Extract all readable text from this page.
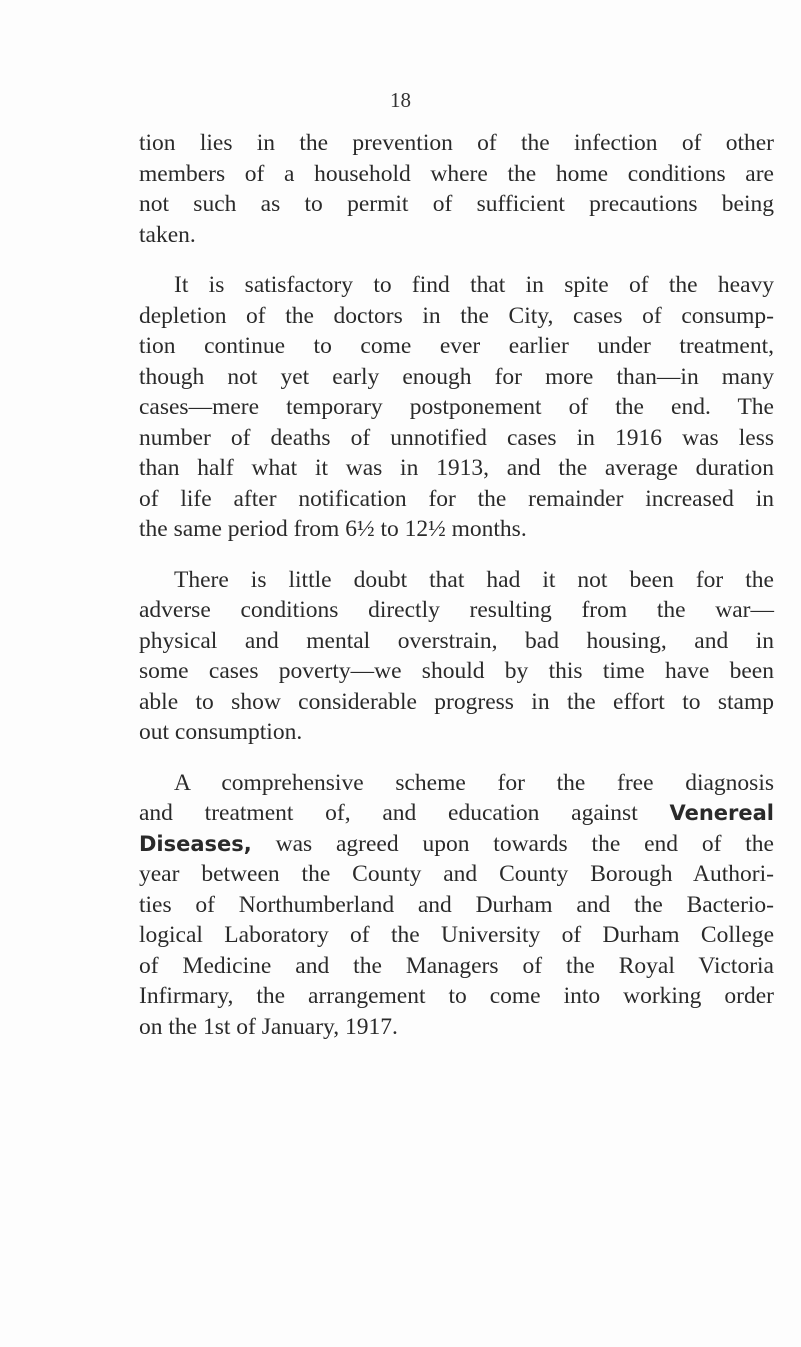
18
tion lies in the prevention of the infection of other
members of a household where the home conditions are
not such as to permit of sufficient precautions being
taken.
It is satisfactory to find that in spite of the heavy
depletion of the doctors in the City, cases of consump-
tion continue to come ever earlier under treatment,
though not yet early enough for more than—in many
cases—mere temporary postponement of the end. The
number of deaths of unnotified cases in 1916 was less
than half what it was in 1913, and the average duration
of life after notification for the remainder increased in
the same period from 6½ to 12½ months.
There is little doubt that had it not been for the
adverse conditions directly resulting from the war—
physical and mental overstrain, bad housing, and in
some cases poverty—we should by this time have been
able to show considerable progress in the effort to stamp
out consumption.
A comprehensive scheme for the free diagnosis
and treatment of, and education against Venereal
Diseases, was agreed upon towards the end of the
year between the County and County Borough Authori-
ties of Northumberland and Durham and the Bacterio-
logical Laboratory of the University of Durham College
of Medicine and the Managers of the Royal Victoria
Infirmary, the arrangement to come into working order
on the 1st of January, 1917.
